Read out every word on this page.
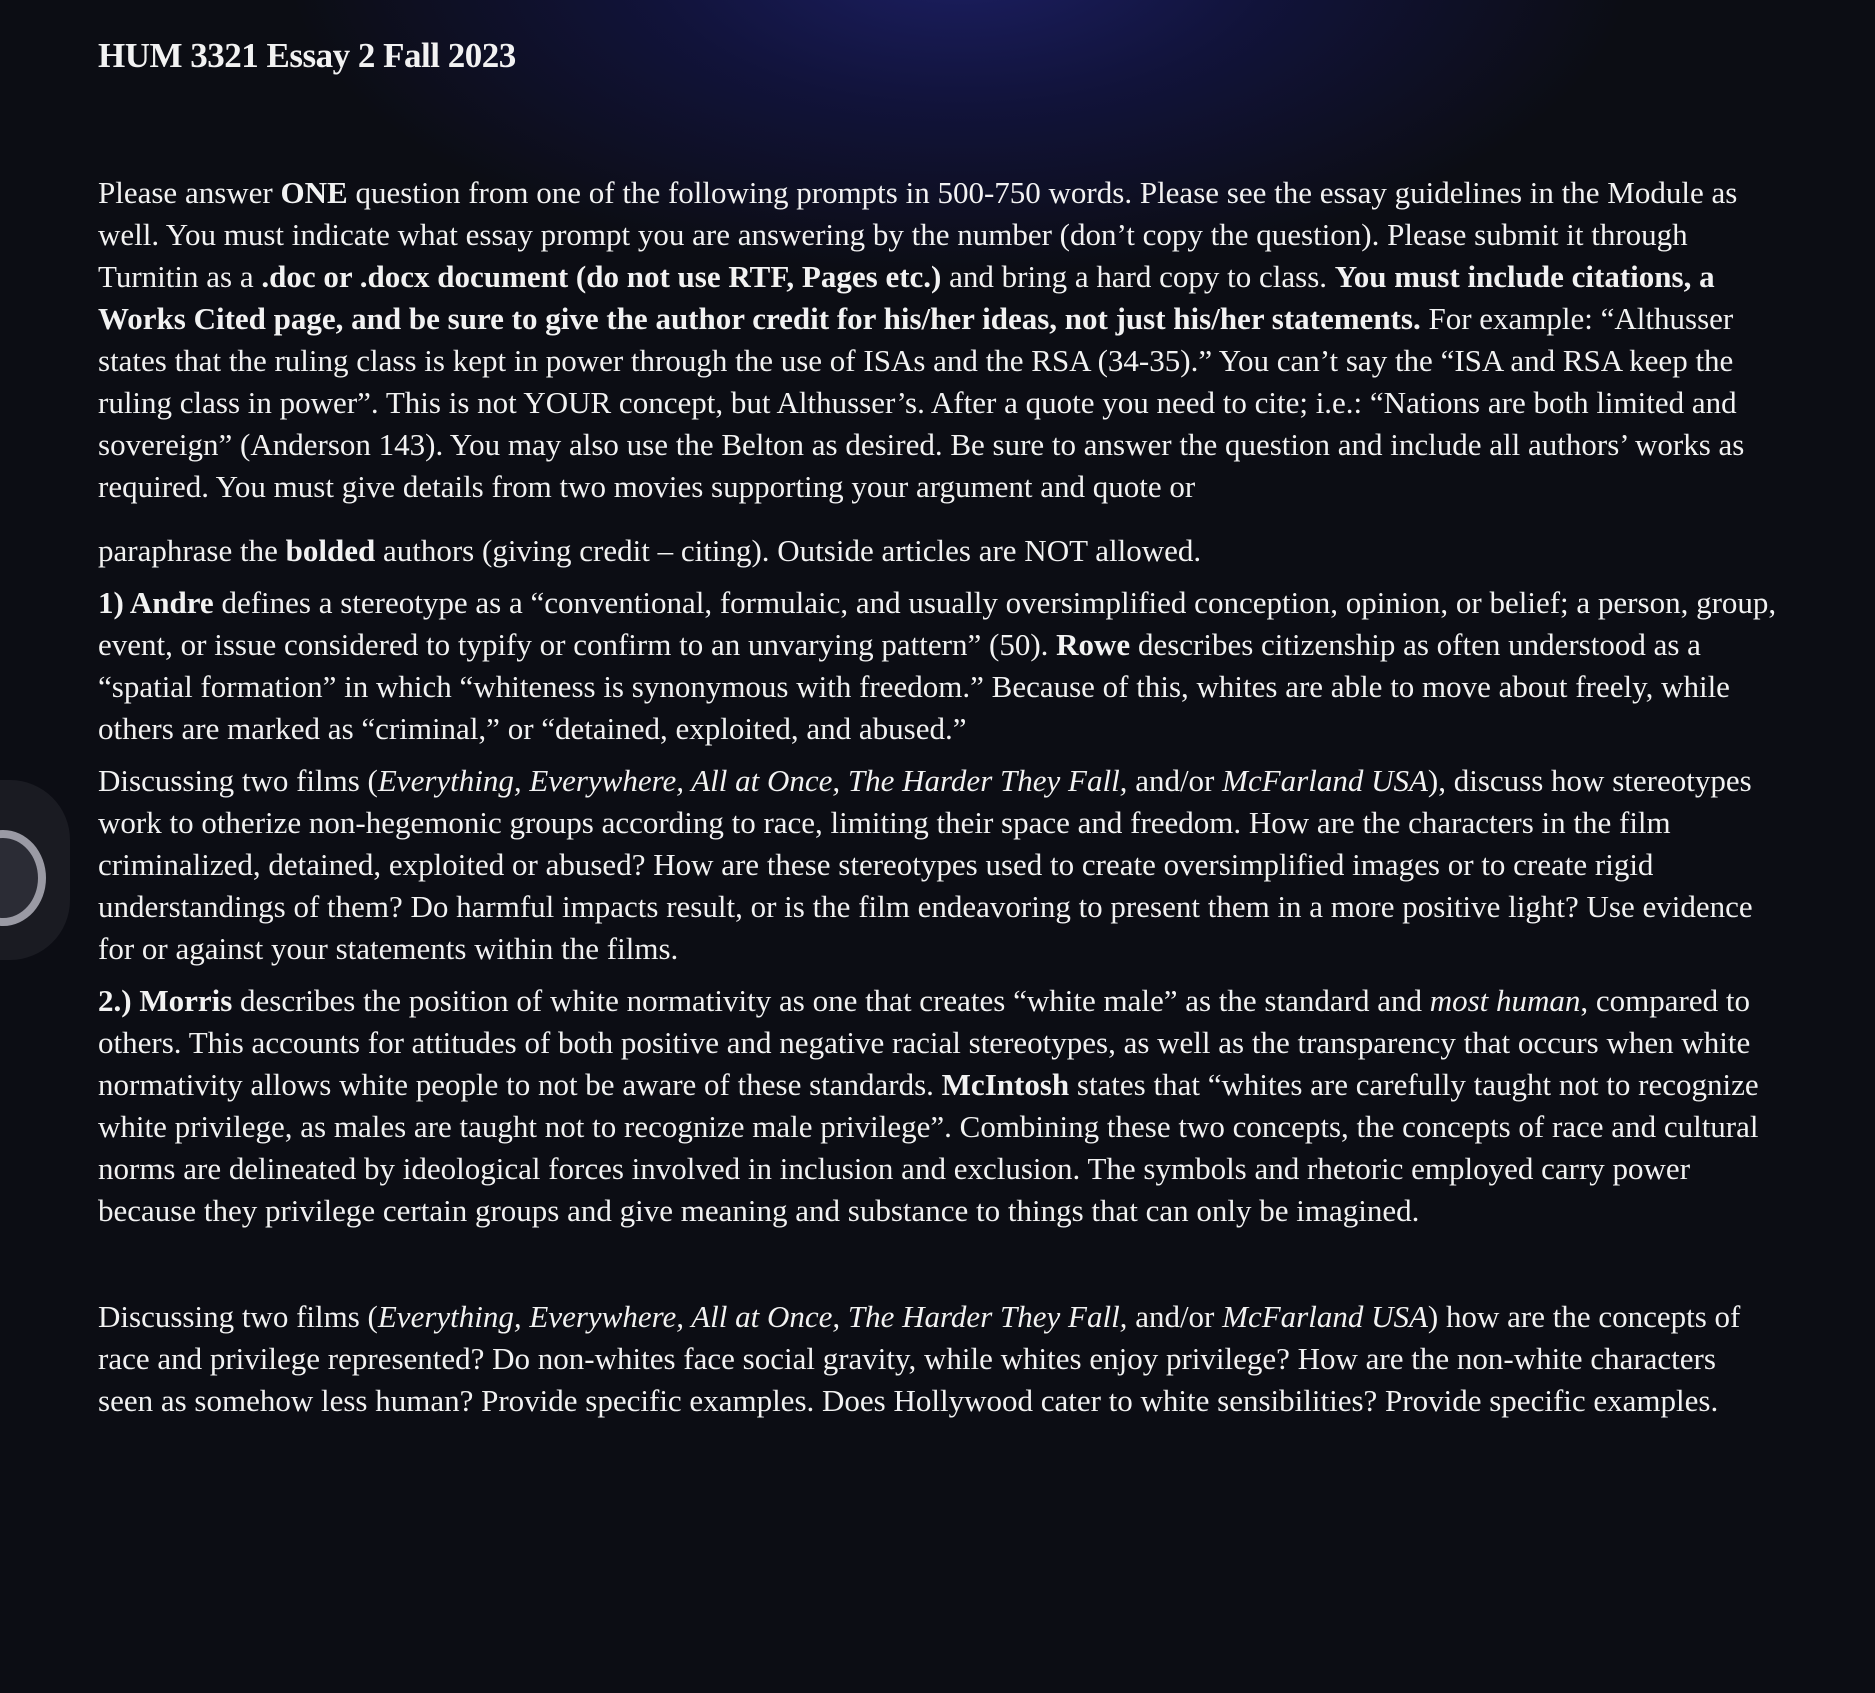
HUM 3321 Essay 2 Fall 2023

Please answer ONE question from one of the following prompts in 500-750 words. Please see the essay guidelines in the Module as well. You must indicate what essay prompt you are answering by the number (don’t copy the question). Please submit it through Turnitin as a .doc or .docx document (do not use RTF, Pages etc.) and bring a hard copy to class. You must include citations, a Works Cited page, and be sure to give the author credit for his/her ideas, not just his/her statements. For example: “Althusser states that the ruling class is kept in power through the use of ISAs and the RSA (34-35).” You can’t say the “ISA and RSA keep the ruling class in power”. This is not YOUR concept, but Althusser’s. After a quote you need to cite; i.e.: “Nations are both limited and sovereign” (Anderson 143). You may also use the Belton as desired. Be sure to answer the question and include all authors’ works as required. You must give details from two movies supporting your argument and quote or

paraphrase the bolded authors (giving credit – citing). Outside articles are NOT allowed.

1) Andre defines a stereotype as a “conventional, formulaic, and usually oversimplified conception, opinion, or belief; a person, group, event, or issue considered to typify or confirm to an unvarying pattern” (50). Rowe describes citizenship as often understood as a “spatial formation” in which “whiteness is synonymous with freedom.” Because of this, whites are able to move about freely, while others are marked as “criminal,” or “detained, exploited, and abused.”

Discussing two films (Everything, Everywhere, All at Once, The Harder They Fall, and/or McFarland USA), discuss how stereotypes work to otherize non-hegemonic groups according to race, limiting their space and freedom. How are the characters in the film criminalized, detained, exploited or abused? How are these stereotypes used to create oversimplified images or to create rigid understandings of them? Do harmful impacts result, or is the film endeavoring to present them in a more positive light? Use evidence for or against your statements within the films.

2.) Morris describes the position of white normativity as one that creates “white male” as the standard and most human, compared to others. This accounts for attitudes of both positive and negative racial stereotypes, as well as the transparency that occurs when white normativity allows white people to not be aware of these standards. McIntosh states that “whites are carefully taught not to recognize white privilege, as males are taught not to recognize male privilege”. Combining these two concepts, the concepts of race and cultural norms are delineated by ideological forces involved in inclusion and exclusion. The symbols and rhetoric employed carry power because they privilege certain groups and give meaning and substance to things that can only be imagined.

Discussing two films (Everything, Everywhere, All at Once, The Harder They Fall, and/or McFarland USA) how are the concepts of race and privilege represented? Do non-whites face social gravity, while whites enjoy privilege? How are the non-white characters seen as somehow less human? Provide specific examples. Does Hollywood cater to white sensibilities? Provide specific examples.
